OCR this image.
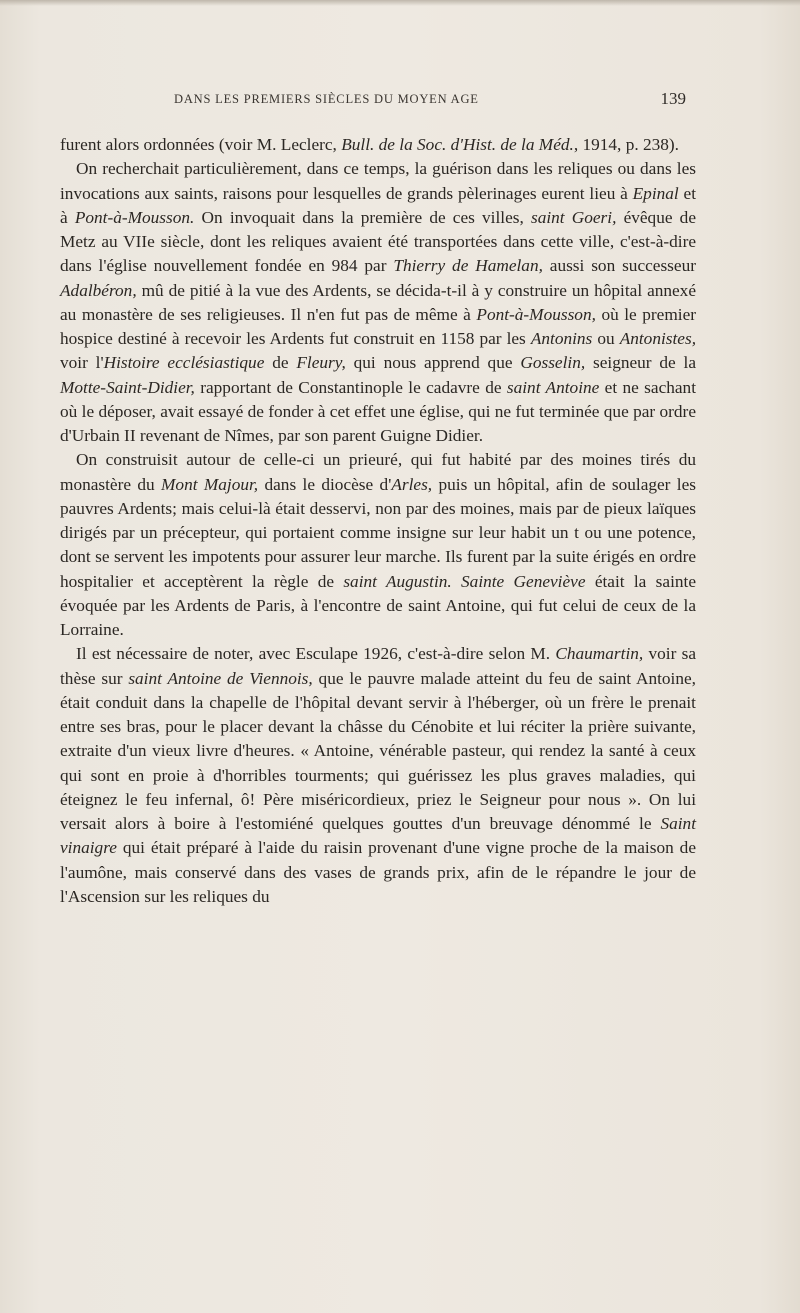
DANS LES PREMIERS SIÈCLES DU MOYEN AGE	139

furent alors ordonnées (voir M. Leclerc, Bull. de la Soc. d'Hist. de la Méd., 1914, p. 238).

On recherchait particulièrement, dans ce temps, la guérison dans les reliques ou dans les invocations aux saints, raisons pour lesquelles de grands pèlerinages eurent lieu à Epinal et à Pont-à-Mousson. On invoquait dans la première de ces villes, saint Goeri, évêque de Metz au VIIe siècle, dont les reliques avaient été transportées dans cette ville, c'est-à-dire dans l'église nouvellement fondée en 984 par Thierry de Hamelan, aussi son successeur Adalbéron, mû de pitié à la vue des Ardents, se décida-t-il à y construire un hôpital annexé au monastère de ses religieuses. Il n'en fut pas de même à Pont-à-Mousson, où le premier hospice destiné à recevoir les Ardents fut construit en 1158 par les Antonins ou Antonistes, voir l'Histoire ecclésiastique de Fleury, qui nous apprend que Gosselin, seigneur de la Motte-Saint-Didier, rapportant de Constantinople le cadavre de saint Antoine et ne sachant où le déposer, avait essayé de fonder à cet effet une église, qui ne fut terminée que par ordre d'Urbain II revenant de Nîmes, par son parent Guigne Didier.

On construisit autour de celle-ci un prieuré, qui fut habité par des moines tirés du monastère du Mont Majour, dans le diocèse d'Arles, puis un hôpital, afin de soulager les pauvres Ardents; mais celui-là était desservi, non par des moines, mais par de pieux laïques dirigés par un précepteur, qui portaient comme insigne sur leur habit un t ou une potence, dont se servent les impotents pour assurer leur marche. Ils furent par la suite érigés en ordre hospitalier et acceptèrent la règle de saint Augustin. Sainte Geneviève était la sainte évoquée par les Ardents de Paris, à l'encontre de saint Antoine, qui fut celui de ceux de la Lorraine.

Il est nécessaire de noter, avec Esculape 1926, c'est-à-dire selon M. Chaumartin, voir sa thèse sur saint Antoine de Viennois, que le pauvre malade atteint du feu de saint Antoine, était conduit dans la chapelle de l'hôpital devant servir à l'héberger, où un frère le prenait entre ses bras, pour le placer devant la châsse du Cénobite et lui réciter la prière suivante, extraite d'un vieux livre d'heures. « Antoine, vénérable pasteur, qui rendez la santé à ceux qui sont en proie à d'horribles tourments; qui guérissez les plus graves maladies, qui éteignez le feu infernal, ô! Père miséricordieux, priez le Seigneur pour nous ». On lui versait alors à boire à l'estomiéné quelques gouttes d'un breuvage dénommé le Saint vinaigre qui était préparé à l'aide du raisin provenant d'une vigne proche de la maison de l'aumône, mais conservé dans des vases de grands prix, afin de le répandre le jour de l'Ascension sur les reliques du
